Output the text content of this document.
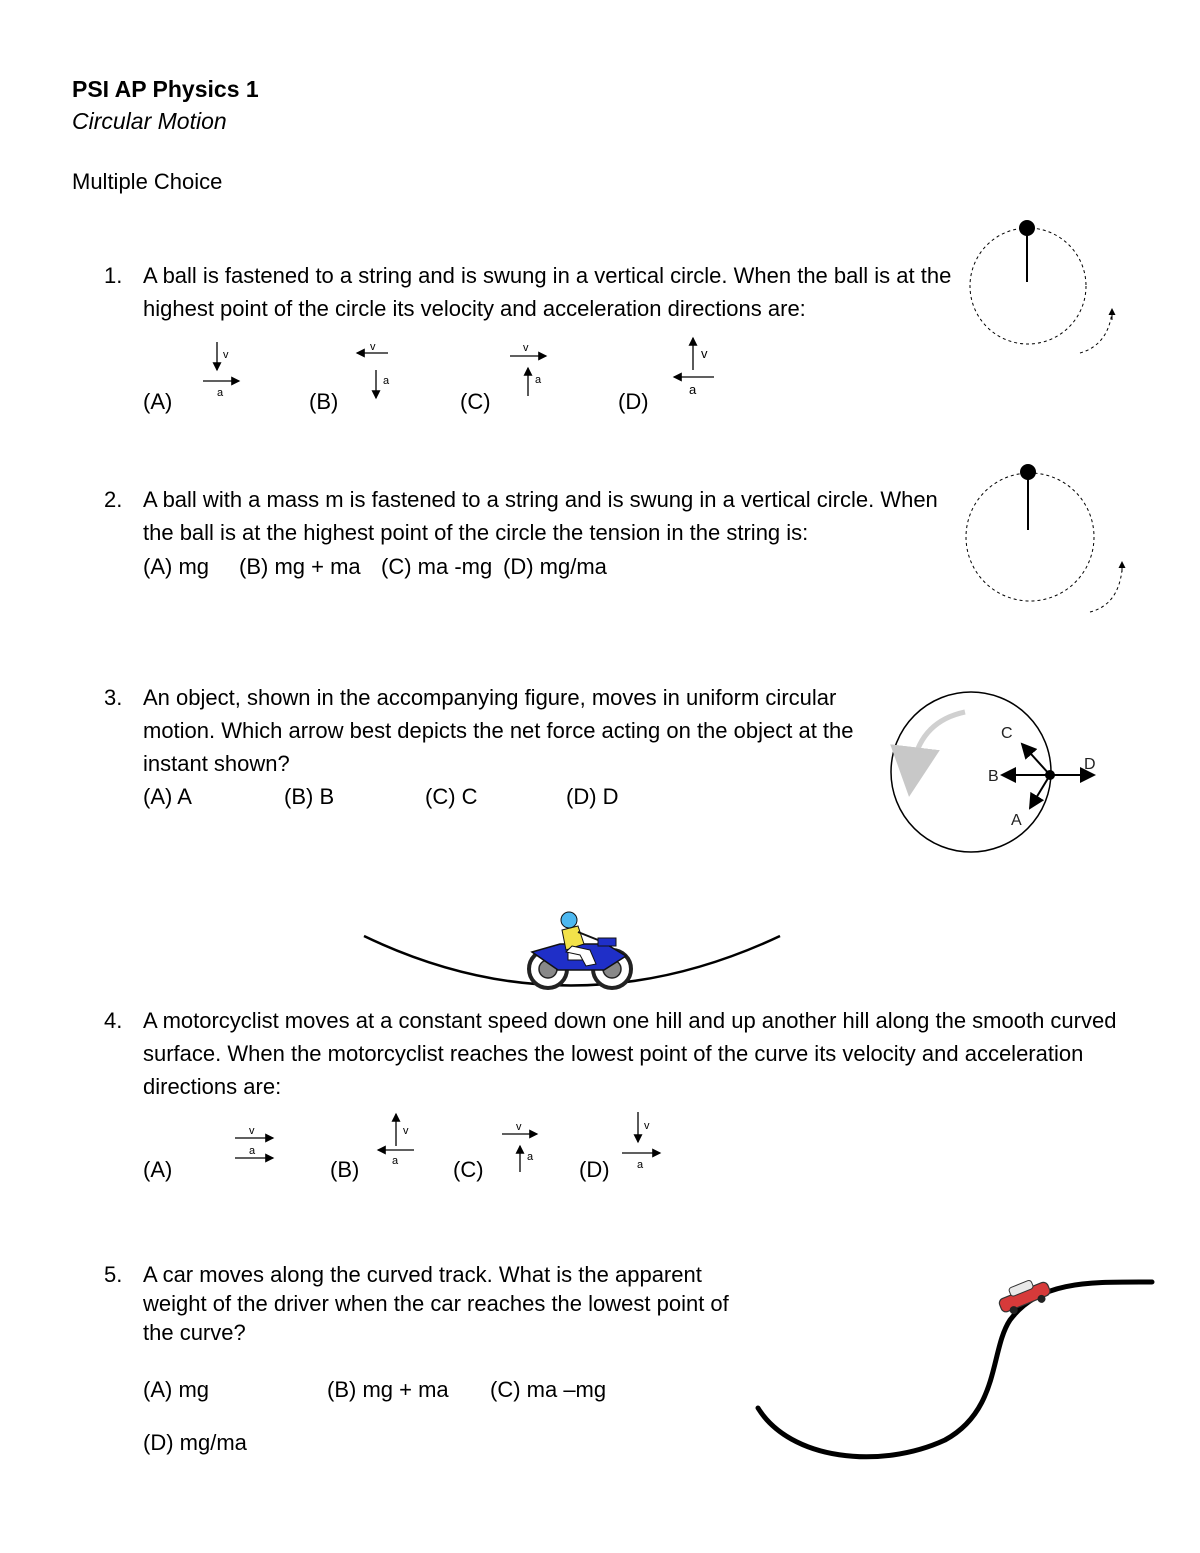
PSI AP Physics 1
Circular Motion
Multiple Choice
1. A ball is fastened to a string and is swung in a vertical circle. When the ball is at the
highest point of the circle its velocity and acceleration directions are:
(A)	(B)	(C)	(D)
v
a
v
a
v
a
v
a
2. A ball with a mass m is fastened to a string and is swung in a vertical circle. When
the ball is at the highest point of the circle the tension in the string is:
(A) mg (B) mg + ma (C) ma -mg (D) mg/ma
3. An object, shown in the accompanying figure, moves in uniform circular
motion. Which arrow best depicts the net force acting on the object at the
instant shown?
(A) A	(B) B	(C) C	(D) D
A
B
C
D
4. A motorcyclist moves at a constant speed down one hill and up another hill along the smooth curved
surface. When the motorcyclist reaches the lowest point of the curve its velocity and acceleration
directions are:
(A)	(B)	(C)	(D)
v
a
v
a
v
a
v
a
5. A car moves along the curved track. What is the apparent
weight of the driver when the car reaches the lowest point of
the curve?
(A) mg	(B) mg + ma (C) ma –mg
(D) mg/ma
